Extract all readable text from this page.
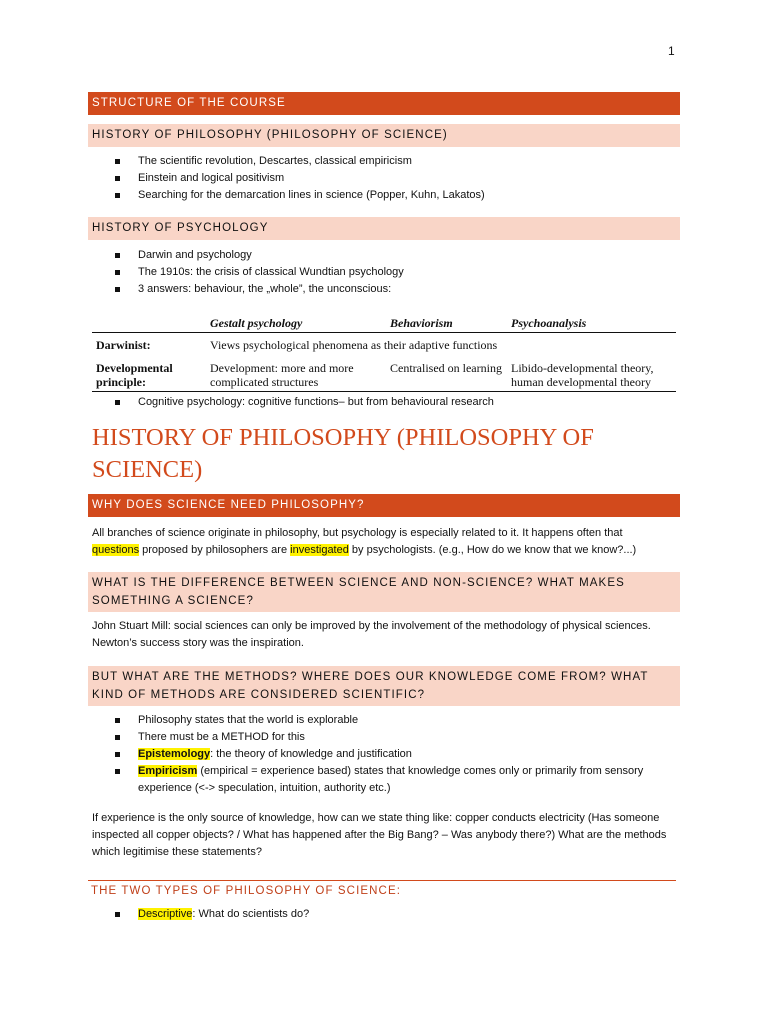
1
STRUCTURE OF THE COURSE
HISTORY OF PHILOSOPHY (PHILOSOPHY OF SCIENCE)
The scientific revolution, Descartes, classical empiricism
Einstein and logical positivism
Searching for the demarcation lines in science (Popper, Kuhn, Lakatos)
HISTORY OF PSYCHOLOGY
Darwin and psychology
The 1910s: the crisis of classical Wundtian psychology
3 answers: behaviour, the „whole”, the unconscious:
	Gestalt psychology	Behaviorism	Psychoanalysis
Darwinist:	Views psychological phenomena as their adaptive functions		
Developmental principle:	Development: more and more complicated structures	Centralised on learning	Libido-developmental theory, human developmental theory
Cognitive psychology: cognitive functions– but from behavioural research
HISTORY OF PHILOSOPHY (PHILOSOPHY OF SCIENCE)
WHY DOES SCIENCE NEED PHILOSOPHY?
All branches of science originate in philosophy, but psychology is especially related to it. It happens often that
questions proposed by philosophers are investigated by psychologists. (e.g., How do we know that we know?...)
WHAT IS THE DIFFERENCE BETWEEN SCIENCE AND NON-SCIENCE? WHAT MAKES SOMETHING A SCIENCE?

John Stuart Mill: social sciences can only be improved by the involvement of the methodology of physical sciences. Newton’s success story was the inspiration.

BUT WHAT ARE THE METHODS? WHERE DOES OUR KNOWLEDGE COME FROM? WHAT KIND OF METHODS ARE CONSIDERED SCIENTIFIC?
Philosophy states that the world is explorable
There must be a METHOD for this
Epistemology: the theory of knowledge and justification
Empiricism (empirical = experience based) states that knowledge comes only or primarily from sensory experience (<-> speculation, intuition, authority etc.)

If experience is the only source of knowledge, how can we state thing like: copper conducts electricity (Has someone inspected all copper objects? / What has happened after the Big Bang? – Was anybody there?) What are the methods which legitimise these statements?

THE TWO TYPES OF PHILOSOPHY OF SCIENCE:
Descriptive: What do scientists do?
